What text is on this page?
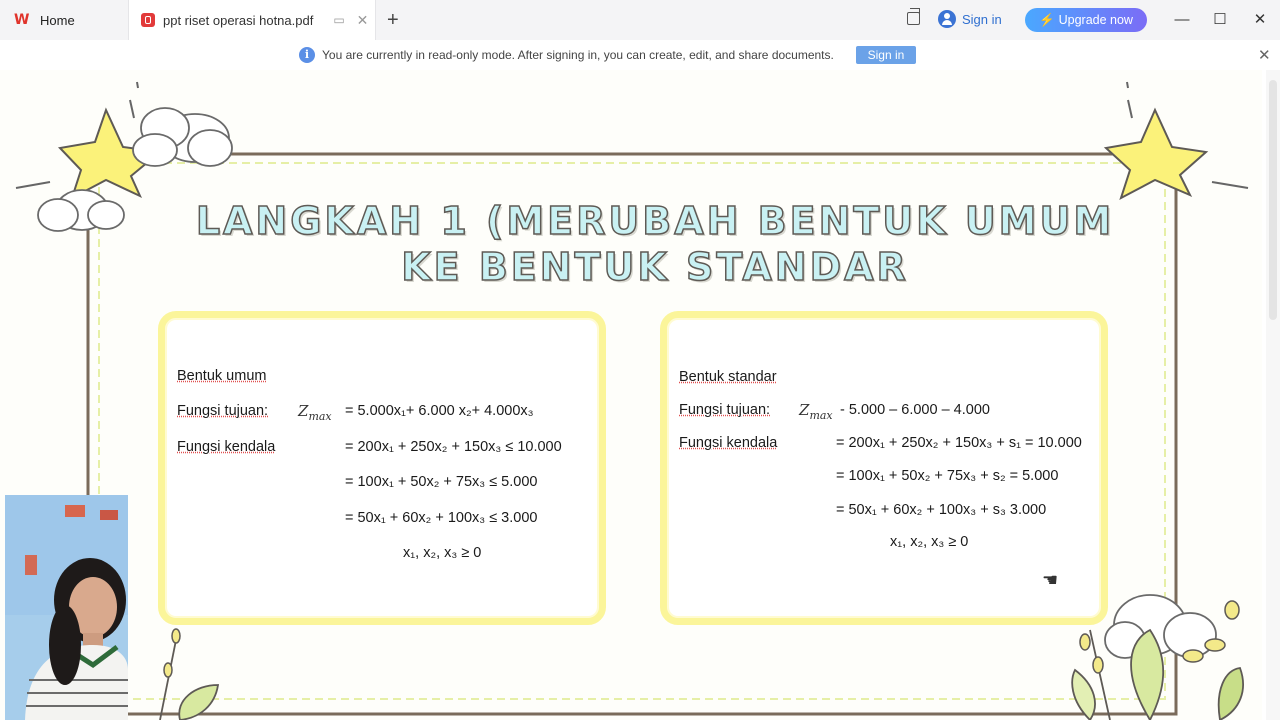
W Home	ppt riset operasi hotna.pdf ▭ ✕ +	Sign in	⚡ Upgrade now	— ☐ ✕
i	You are currently in read-only mode. After signing in, you can create, edit, and share documents.	Sign in	✕
LANGKAH 1 (MERUBAH BENTUK UMUM
KE BENTUK STANDAR
Bentuk umum
Fungsi tujuan: $Z_{max} = 5.000x_1+ 6.000$ x₂+ 4.000x₃
Fungsi kendala	= 200x₁ + 250x₂ + 150x₃ ≤ 10.000
= 100x₁ + 50x₂ + 75x₃ ≤ 5.000
= 50x₁ + 60x₂ + 100x₃ ≤ 3.000
x₁, x₂, x₃ ≥ 0
Bentuk standar
Fungsi tujuan: $Z_{max} - 5.000 - 6.000 - 4.000$
Fungsi kendala	= 200x₁ + 250x₂ + 150x₃ + s₁ = 10.000
= 100x₁ + 50x₂ + 75x₃ + s₂ = 5.000
= 50x₁ + 60x₂ + 100x₃ + s₃ 3.000
x₁, x₂, x₃ ≥ 0
☚
